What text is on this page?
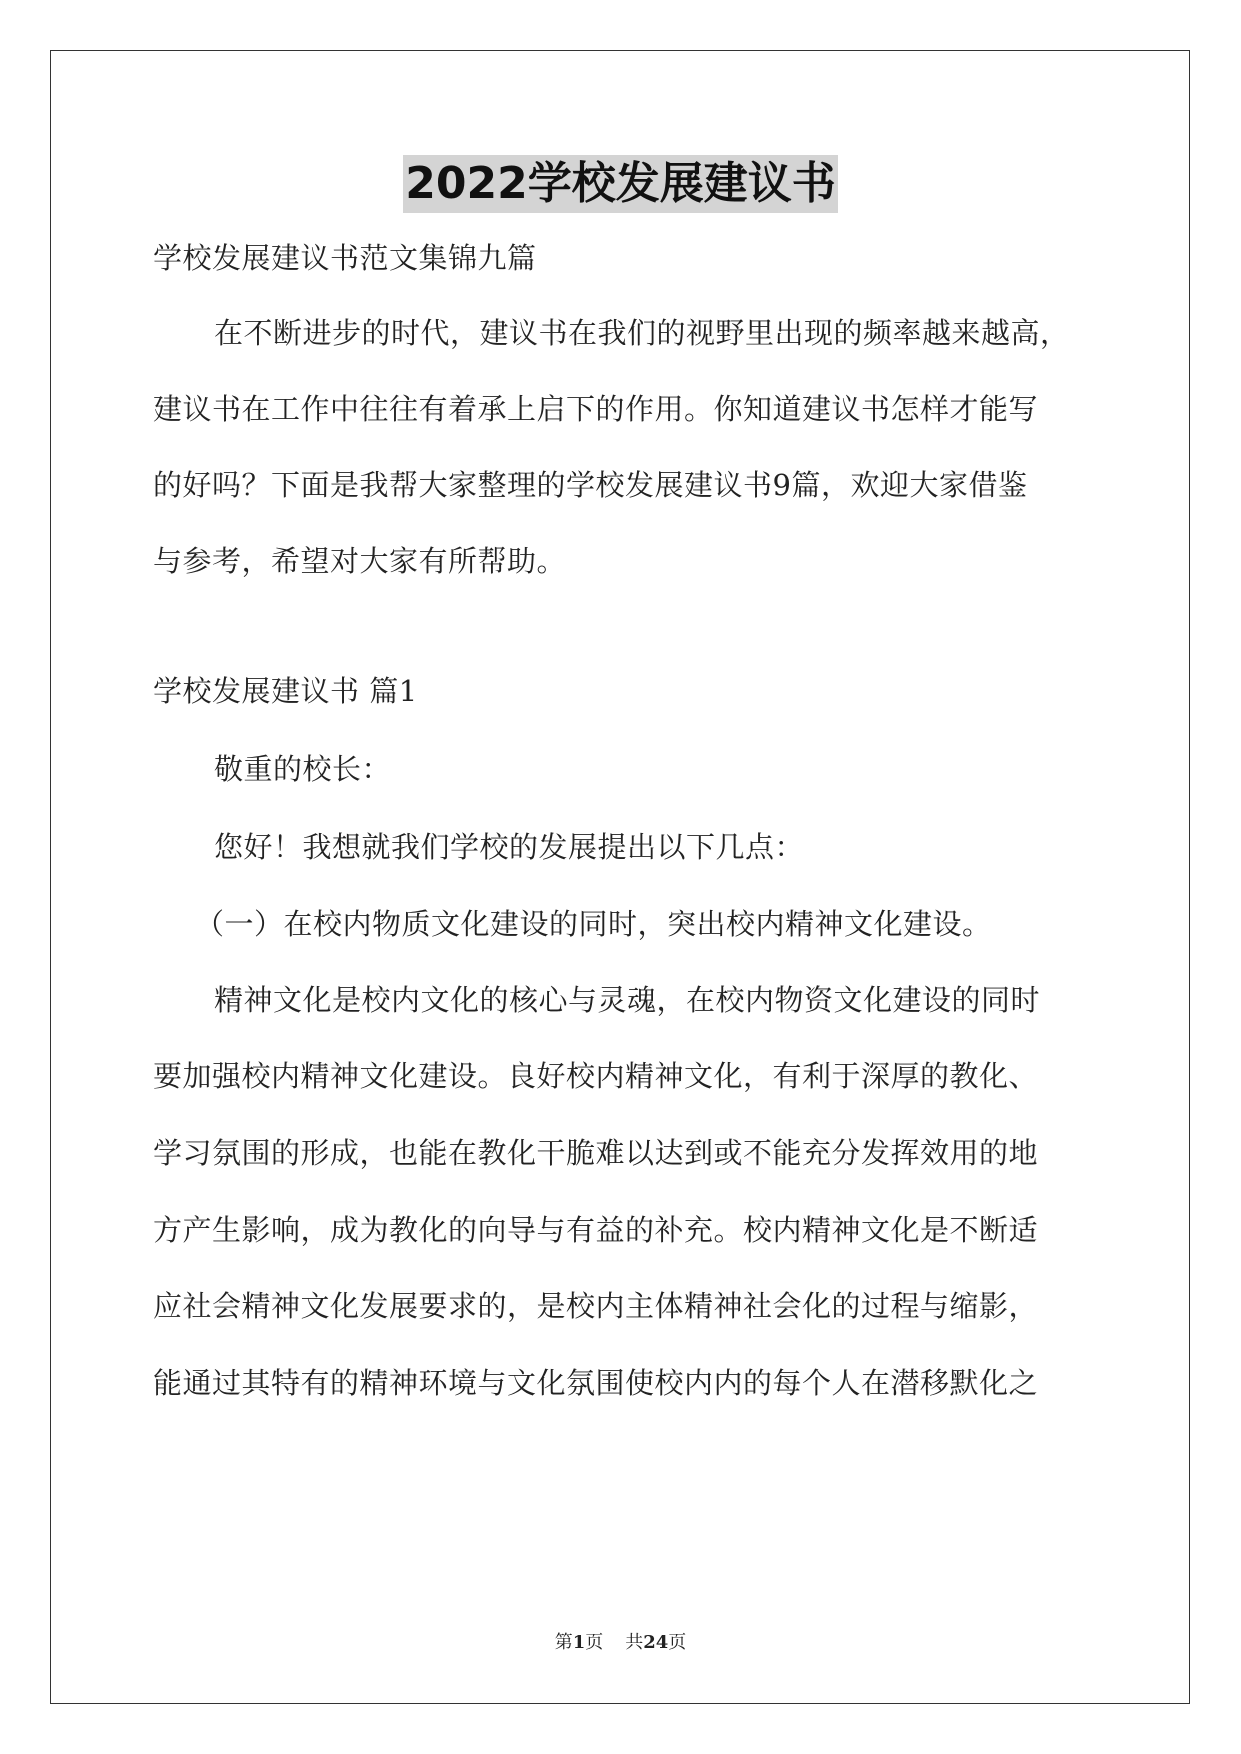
2022学校发展建议书
学校发展建议书范文集锦九篇
在不断进步的时代，建议书在我们的视野里出现的频率越来越高，
建议书在工作中往往有着承上启下的作用。你知道建议书怎样才能写
的好吗？下面是我帮大家整理的学校发展建议书9篇，欢迎大家借鉴
与参考，希望对大家有所帮助。
学校发展建议书 篇1
敬重的校长：
您好！我想就我们学校的发展提出以下几点：
（一）在校内物质文化建设的同时，突出校内精神文化建设。
精神文化是校内文化的核心与灵魂，在校内物资文化建设的同时
要加强校内精神文化建设。良好校内精神文化，有利于深厚的教化、
学习氛围的形成，也能在教化干脆难以达到或不能充分发挥效用的地
方产生影响，成为教化的向导与有益的补充。校内精神文化是不断适
应社会精神文化发展要求的，是校内主体精神社会化的过程与缩影，
能通过其特有的精神环境与文化氛围使校内内的每个人在潜移默化之
第1页 共24页
